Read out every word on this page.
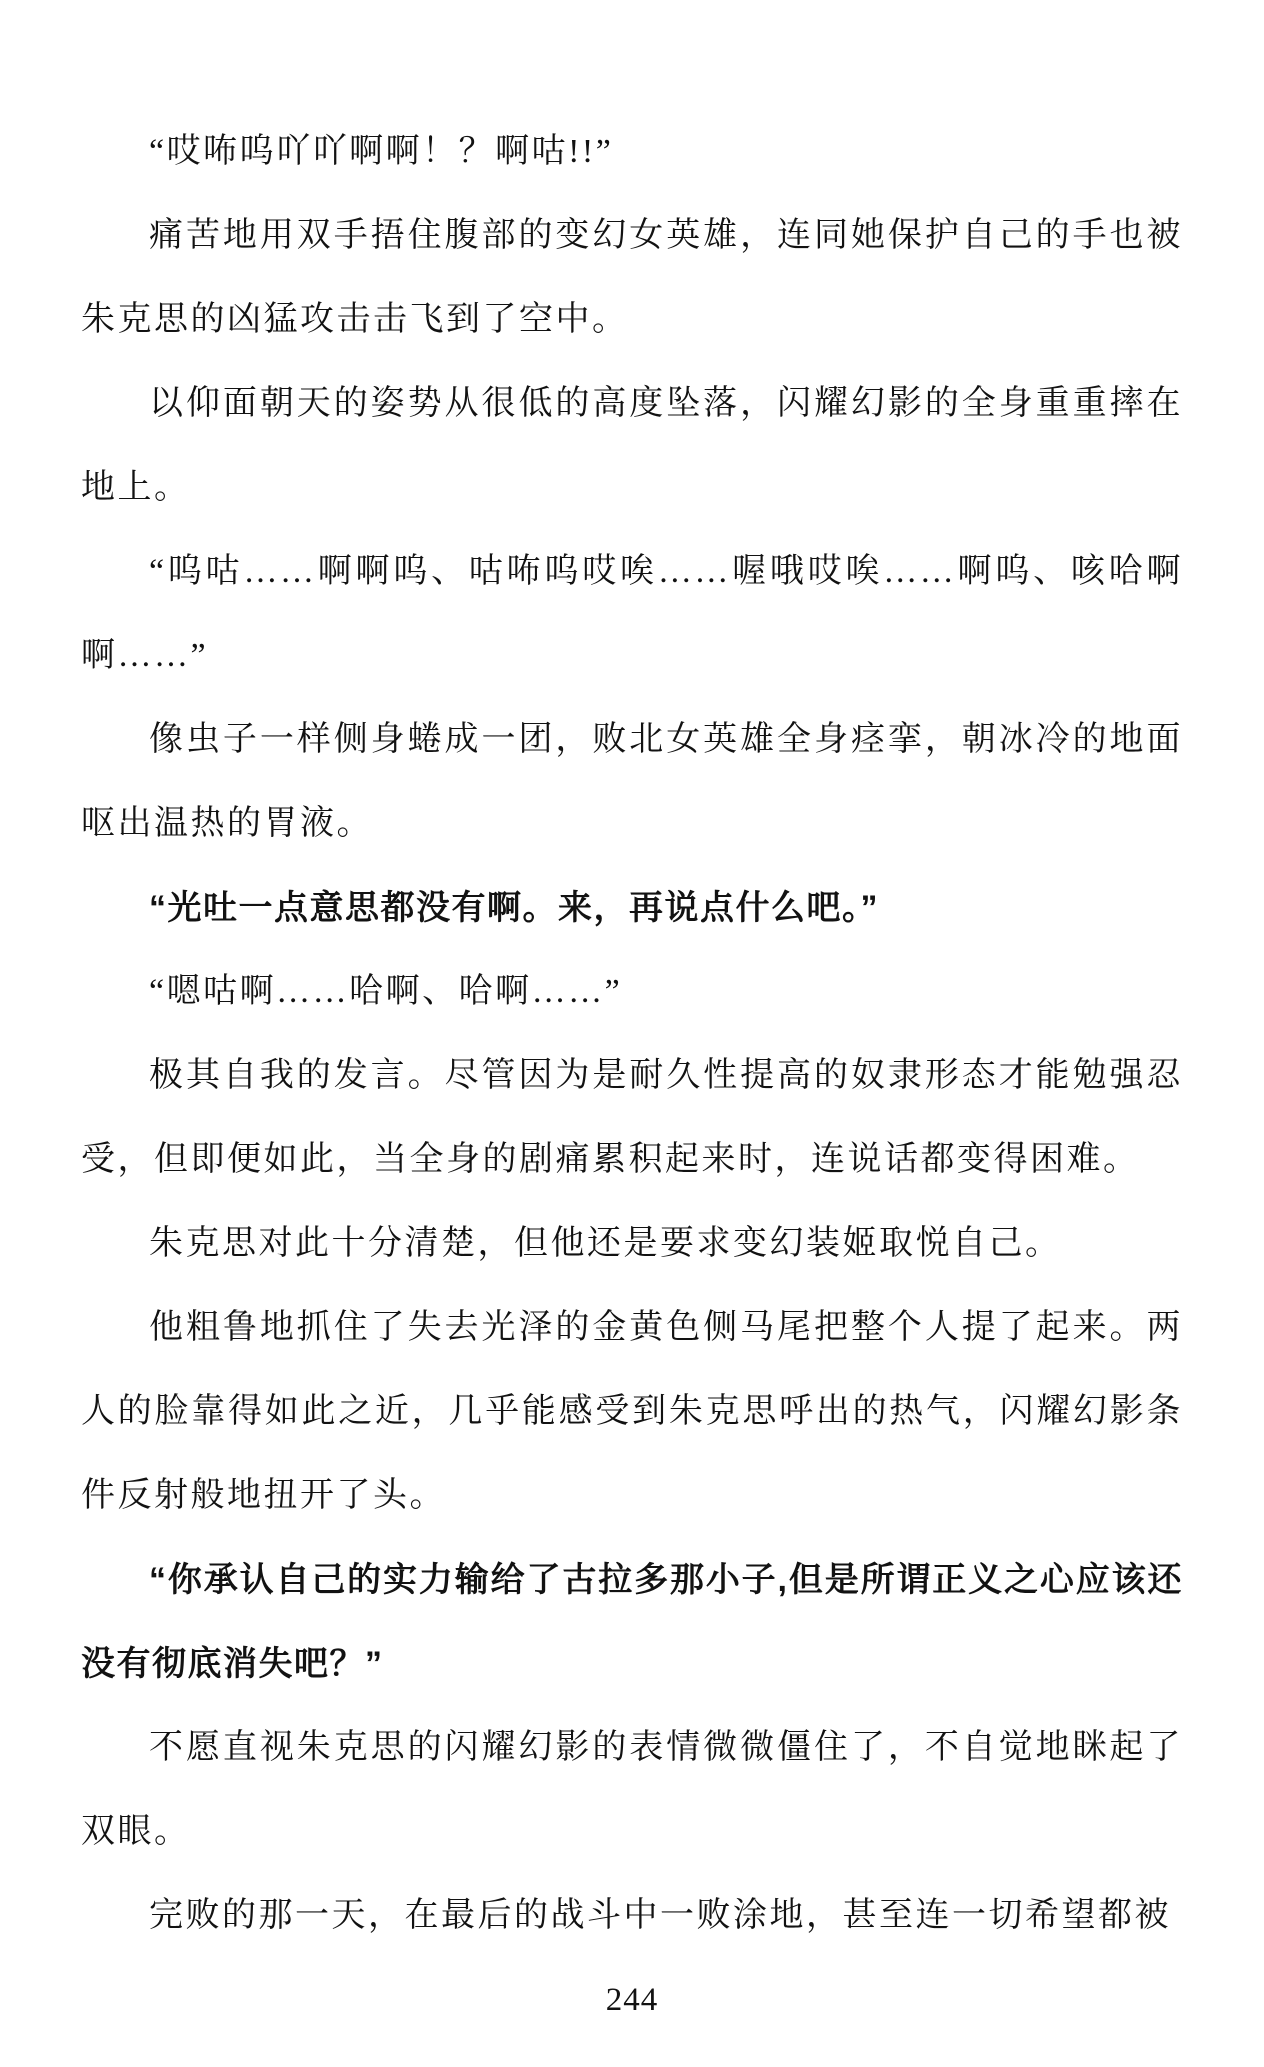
“哎咘呜吖吖啊啊！？啊咕!!”

痛苦地用双手捂住腹部的变幻女英雄，连同她保护自己的手也被朱克思的凶猛攻击击飞到了空中。

以仰面朝天的姿势从很低的高度坠落，闪耀幻影的全身重重摔在地上。

“呜咕……啊啊呜、咕咘呜哎唉……喔哦哎唉……啊呜、咳哈啊啊……”

像虫子一样侧身蜷成一团，败北女英雄全身痉挛，朝冰冷的地面呕出温热的胃液。

“光吐一点意思都没有啊。来，再说点什么吧。”

“嗯咕啊……哈啊、哈啊……”

极其自我的发言。尽管因为是耐久性提高的奴隶形态才能勉强忍受，但即便如此，当全身的剧痛累积起来时，连说话都变得困难。

朱克思对此十分清楚，但他还是要求变幻装姬取悦自己。

他粗鲁地抓住了失去光泽的金黄色侧马尾把整个人提了起来。两人的脸靠得如此之近，几乎能感受到朱克思呼出的热气，闪耀幻影条件反射般地扭开了头。

“你承认自己的实力输给了古拉多那小子,但是所谓正义之心应该还没有彻底消失吧？”

不愿直视朱克思的闪耀幻影的表情微微僵住了，不自觉地眯起了双眼。

完败的那一天，在最后的战斗中一败涂地，甚至连一切希望都被

244
